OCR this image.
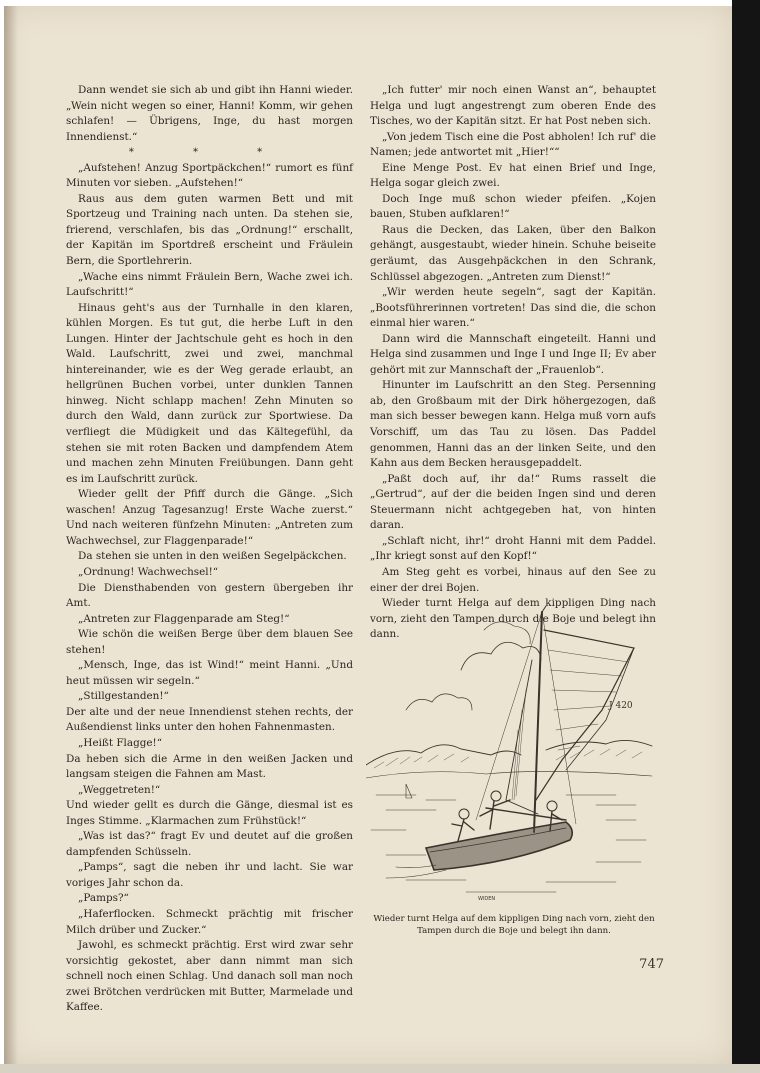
Dann wendet sie sich ab und gibt ihn Hanni wieder. „Wein nicht wegen so einer, Hanni! Komm, wir gehen schlafen! — Übrigens, Inge, du hast morgen Innendienst.“

* * *

„Aufstehen! Anzug Sportpäckchen!“ rumort es fünf Minuten vor sieben. „Aufstehen!“

Raus aus dem guten warmen Bett und mit Sportzeug und Training nach unten. Da stehen sie, frierend, verschlafen, bis das „Ordnung!“ erschallt, der Kapitän im Sportdreß erscheint und Fräulein Bern, die Sportlehrerin.

„Wache eins nimmt Fräulein Bern, Wache zwei ich. Laufschritt!“

Hinaus geht's aus der Turnhalle in den klaren, kühlen Morgen. Es tut gut, die herbe Luft in den Lungen. Hinter der Jachtschule geht es hoch in den Wald. Laufschritt, zwei und zwei, manchmal hintereinander, wie es der Weg gerade erlaubt, an hellgrünen Buchen vorbei, unter dunklen Tannen hinweg. Nicht schlapp machen! Zehn Minuten so durch den Wald, dann zurück zur Sportwiese. Da verfliegt die Müdigkeit und das Kältegefühl, da stehen sie mit roten Backen und dampfendem Atem und machen zehn Minuten Freiübungen. Dann geht es im Laufschritt zurück.

Wieder gellt der Pfiff durch die Gänge. „Sich waschen! Anzug Tagesanzug! Erste Wache zuerst.“ Und nach weiteren fünfzehn Minuten: „Antreten zum Wachwechsel, zur Flaggenparade!“

Da stehen sie unten in den weißen Segelpäckchen.

„Ordnung! Wachwechsel!“

Die Diensthabenden von gestern übergeben ihr Amt.

„Antreten zur Flaggenparade am Steg!“

Wie schön die weißen Berge über dem blauen See stehen!

„Mensch, Inge, das ist Wind!“ meint Hanni. „Und heut müssen wir segeln.“

„Stillgestanden!“

Der alte und der neue Innendienst stehen rechts, der Außendienst links unter den hohen Fahnenmasten.

„Heißt Flagge!“

Da heben sich die Arme in den weißen Jacken und langsam steigen die Fahnen am Mast.

„Weggetreten!“

Und wieder gellt es durch die Gänge, diesmal ist es Inges Stimme. „Klarmachen zum Frühstück!“

„Was ist das?“ fragt Ev und deutet auf die großen dampfenden Schüsseln.

„Pamps“, sagt die neben ihr und lacht. Sie war voriges Jahr schon da.

„Pamps?“

„Haferflocken. Schmeckt prächtig mit frischer Milch drüber und Zucker.“

Jawohl, es schmeckt prächtig. Erst wird zwar sehr vorsichtig gekostet, aber dann nimmt man sich schnell noch einen Schlag. Und danach soll man noch zwei Brötchen verdrücken mit Butter, Marmelade und Kaffee.

„Ich futter' mir noch einen Wanst an“, behauptet Helga und lugt angestrengt zum oberen Ende des Tisches, wo der Kapitän sitzt. Er hat Post neben sich.

„Von jedem Tisch eine die Post abholen! Ich ruf' die Namen; jede antwortet mit „Hier!““

Eine Menge Post. Ev hat einen Brief und Inge, Helga sogar gleich zwei.

Doch Inge muß schon wieder pfeifen. „Kojen bauen, Stuben aufklaren!“

Raus die Decken, das Laken, über den Balkon gehängt, ausgestaubt, wieder hinein. Schuhe beiseite geräumt, das Ausgehpäckchen in den Schrank, Schlüssel abgezogen. „Antreten zum Dienst!“

„Wir werden heute segeln“, sagt der Kapitän. „Bootsführerinnen vortreten! Das sind die, die schon einmal hier waren.“

Dann wird die Mannschaft eingeteilt. Hanni und Helga sind zusammen und Inge I und Inge II; Ev aber gehört mit zur Mannschaft der „Frauenlob“.

Hinunter im Laufschritt an den Steg. Persenning ab, den Großbaum mit der Dirk höhergezogen, daß man sich besser bewegen kann. Helga muß vorn aufs Vorschiff, um das Tau zu lösen. Das Paddel genommen, Hanni das an der linken Seite, und den Kahn aus dem Becken herausgepaddelt.

„Paßt doch auf, ihr da!“ Rums rasselt die „Gertrud“, auf der die beiden Ingen sind und deren Steuermann nicht achtgegeben hat, von hinten daran.

„Schlaft nicht, ihr!“ droht Hanni mit dem Paddel. „Ihr kriegt sonst auf den Kopf!“

Am Steg geht es vorbei, hinaus auf den See zu einer der drei Bojen.

Wieder turnt Helga auf dem kippligen Ding nach vorn, zieht den Tampen durch die Boje und belegt ihn dann.

J 420
WIDEN
Wieder turnt Helga auf dem kippligen Ding nach vorn, zieht den Tampen durch die Boje und belegt ihn dann.
747
